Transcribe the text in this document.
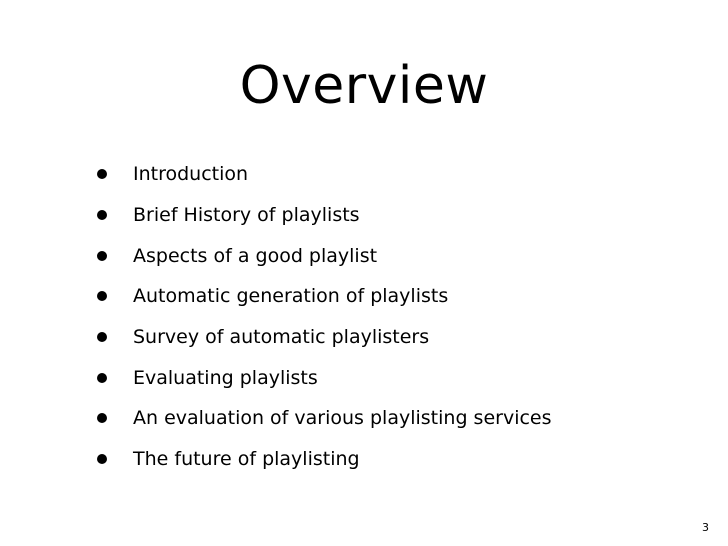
Overview
Introduction
Brief History of playlists
Aspects of a good playlist
Automatic generation of playlists
Survey of automatic playlisters
Evaluating playlists
An evaluation of various playlisting services
The future of playlisting
3
